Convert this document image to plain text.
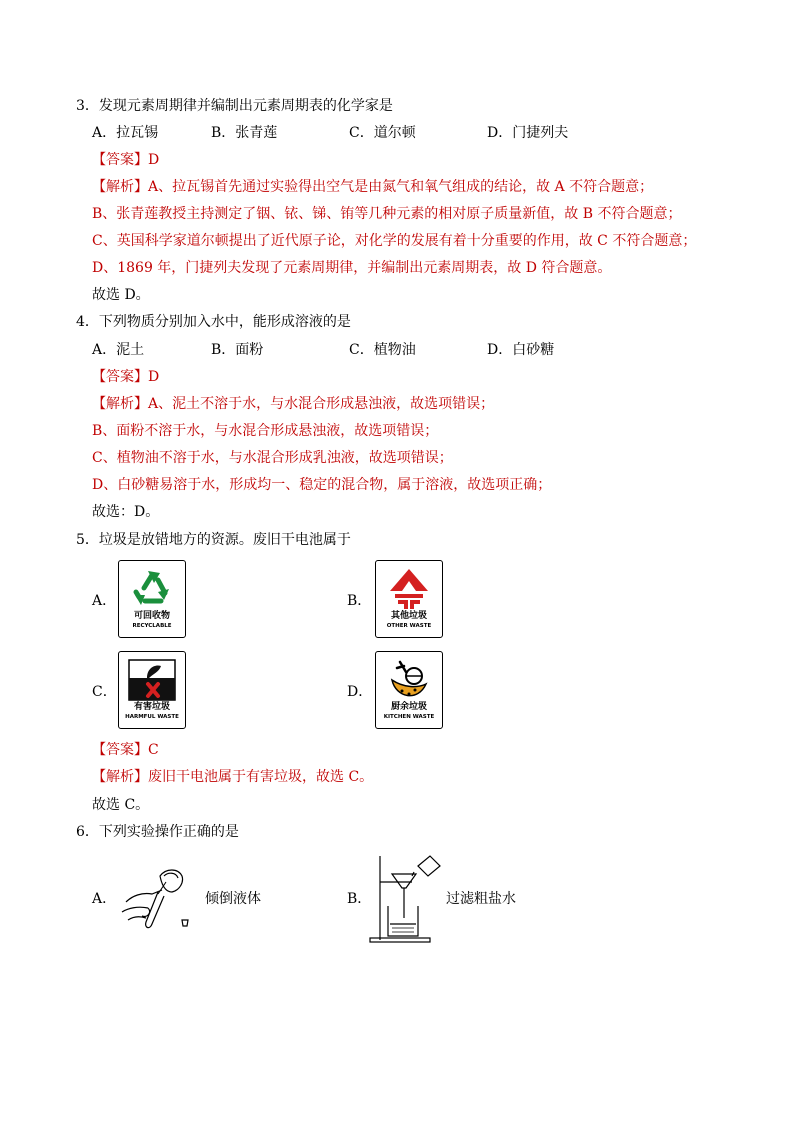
3．发现元素周期律并编制出元素周期表的化学家是
A．拉瓦锡	B．张青莲	C．道尔顿	D．门捷列夫
【答案】D
【解析】A、拉瓦锡首先通过实验得出空气是由氮气和氧气组成的结论，故 A 不符合题意；
B、张青莲教授主持测定了铟、铱、锑、铕等几种元素的相对原子质量新值，故 B 不符合题意；
C、英国科学家道尔顿提出了近代原子论，对化学的发展有着十分重要的作用，故 C 不符合题意；
D、1869 年，门捷列夫发现了元素周期律，并编制出元素周期表，故 D 符合题意。
故选 D。
4．下列物质分别加入水中，能形成溶液的是
A．泥土	B．面粉	C．植物油	D．白砂糖
【答案】D
【解析】A、泥土不溶于水，与水混合形成悬浊液，故选项错误；
B、面粉不溶于水，与水混合形成悬浊液，故选项错误；
C、植物油不溶于水，与水混合形成乳浊液，故选项错误；
D、白砂糖易溶于水，形成均一、稳定的混合物，属于溶液，故选项正确；
故选：D。
5．垃圾是放错地方的资源。废旧干电池属于
A．
可回收物
RECYCLABLE
B．
其他垃圾
OTHER WASTE
C．
有害垃圾
HARMFUL WASTE
D．
厨余垃圾
KITCHEN WASTE
【答案】C
【解析】废旧干电池属于有害垃圾，故选 C。
故选 C。
6．下列实验操作正确的是
A．	倾倒液体	B．	过滤粗盐水
